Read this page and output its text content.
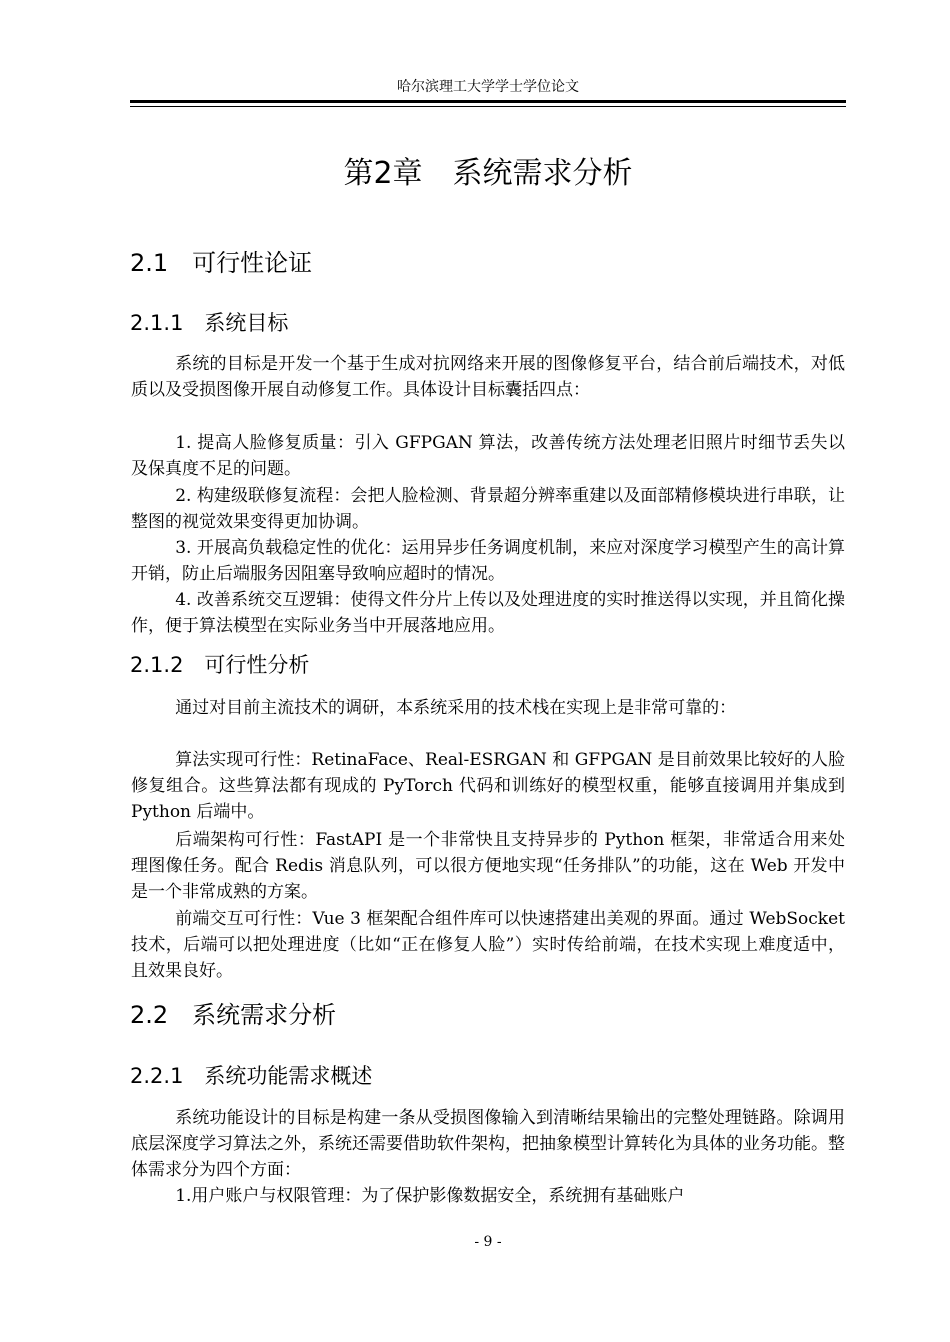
哈尔滨理工大学学士学位论文
第2章　系统需求分析
2.1　可行性论证
2.1.1　系统目标

系统的目标是开发一个基于生成对抗网络来开展的图像修复平台，结合前后端技术，对低质以及受损图像开展自动修复工作。具体设计目标囊括四点：

1. 提高人脸修复质量：引入 GFPGAN 算法，改善传统方法处理老旧照片时细节丢失以及保真度不足的问题。

2. 构建级联修复流程：会把人脸检测、背景超分辨率重建以及面部精修模块进行串联，让整图的视觉效果变得更加协调。

3. 开展高负载稳定性的优化：运用异步任务调度机制，来应对深度学习模型产生的高计算开销，防止后端服务因阻塞导致响应超时的情况。

4. 改善系统交互逻辑：使得文件分片上传以及处理进度的实时推送得以实现，并且简化操作，便于算法模型在实际业务当中开展落地应用。

2.1.2　可行性分析

通过对目前主流技术的调研，本系统采用的技术栈在实现上是非常可靠的：

算法实现可行性：RetinaFace、Real-ESRGAN 和 GFPGAN 是目前效果比较好的人脸修复组合。这些算法都有现成的 PyTorch 代码和训练好的模型权重，能够直接调用并集成到 Python 后端中。

后端架构可行性：FastAPI 是一个非常快且支持异步的 Python 框架，非常适合用来处理图像任务。配合 Redis 消息队列，可以很方便地实现“任务排队”的功能，这在 Web 开发中是一个非常成熟的方案。

前端交互可行性：Vue 3 框架配合组件库可以快速搭建出美观的界面。通过 WebSocket 技术，后端可以把处理进度（比如“正在修复人脸”）实时传给前端，在技术实现上难度适中，且效果良好。

2.2　系统需求分析
2.2.1　系统功能需求概述

系统功能设计的目标是构建一条从受损图像输入到清晰结果输出的完整处理链路。除调用底层深度学习算法之外，系统还需要借助软件架构，把抽象模型计算转化为具体的业务功能。整体需求分为四个方面：

1.用户账户与权限管理：为了保护影像数据安全，系统拥有基础账户

- 9 -
